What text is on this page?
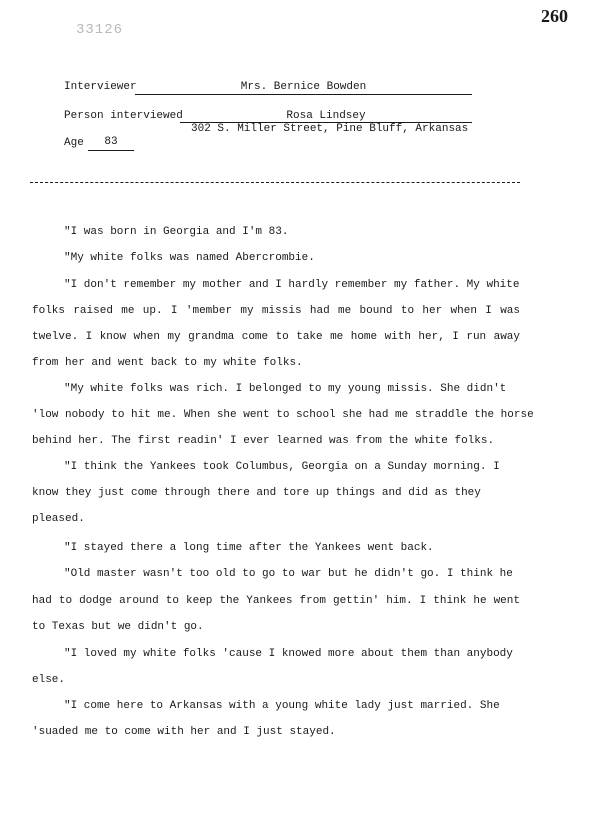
260
33126
Interviewer	Mrs. Bernice Bowden
Person interviewed	Rosa Lindsey
302 S. Miller Street, Pine Bluff, Arkansas
Age	83
"I was born in Georgia and I'm 83.
"My white folks was named Abercrombie.
"I don't remember my mother and I hardly remember my father. My white
folks raised me up. I 'member my missis had me bound to her when I was
twelve. I know when my grandma come to take me home with her, I run away
from her and went back to my white folks.
"My white folks was rich. I belonged to my young missis. She didn't
'low nobody to hit me. When she went to school she had me straddle the horse
behind her. The first readin' I ever learned was from the white folks.
"I think the Yankees took Columbus, Georgia on a Sunday morning. I
know they just come through there and tore up things and did as they
pleased.
"I stayed there a long time after the Yankees went back.
"Old master wasn't too old to go to war but he didn't go. I think he
had to dodge around to keep the Yankees from gettin' him. I think he went
to Texas but we didn't go.
"I loved my white folks 'cause I knowed more about them than anybody
else.
"I come here to Arkansas with a young white lady just married. She
'suaded me to come with her and I just stayed.
